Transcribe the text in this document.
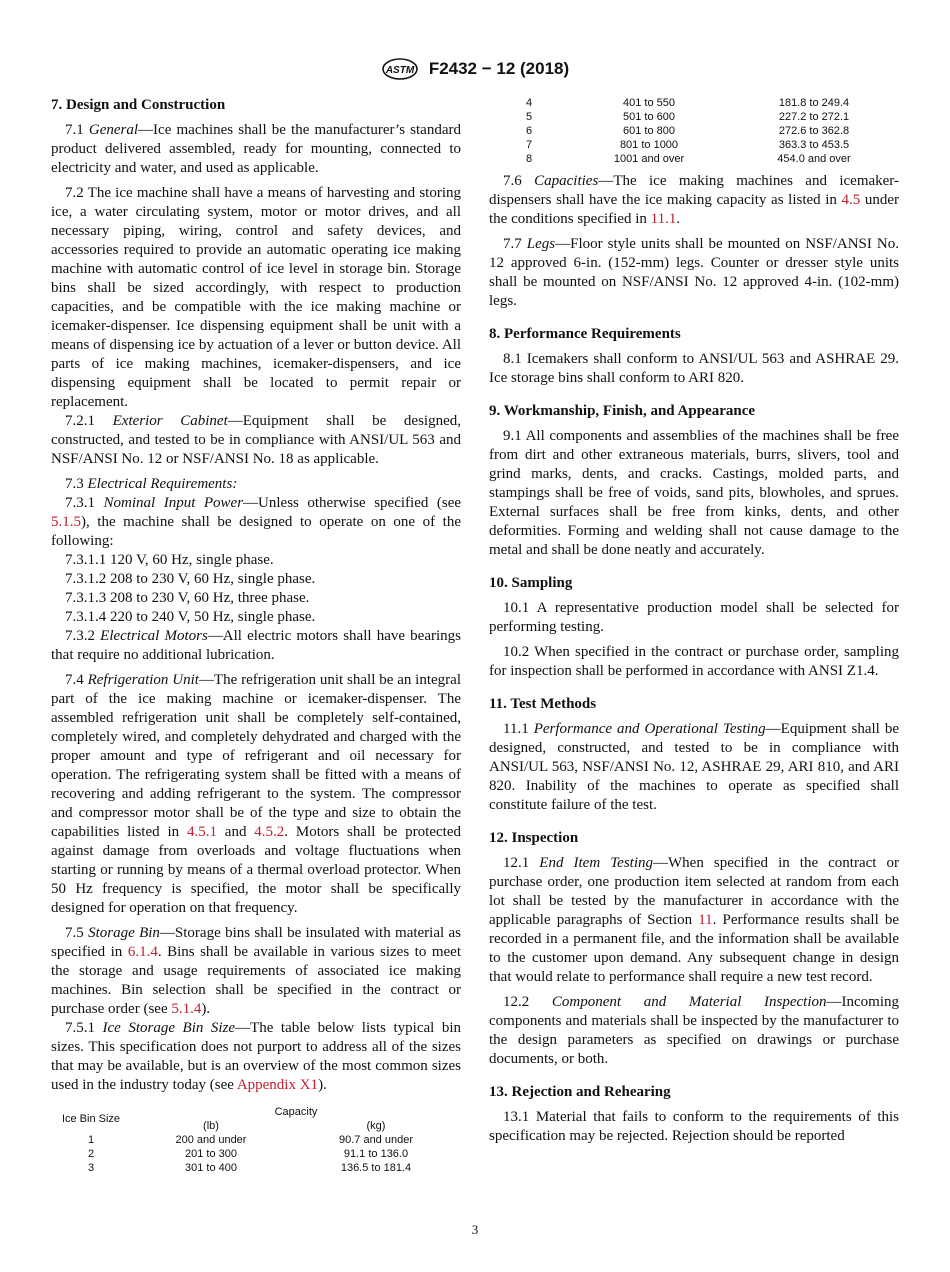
ASTM F2432 − 12 (2018)
7. Design and Construction

7.1 General—Ice machines shall be the manufacturer’s standard product delivered assembled, ready for mounting, connected to electricity and water, and used as applicable.

7.2 The ice machine shall have a means of harvesting and storing ice, a water circulating system, motor or motor drives, and all necessary piping, wiring, control and safety devices, and accessories required to provide an automatic operating ice making machine with automatic control of ice level in storage bin. Storage bins shall be sized accordingly, with respect to production capacities, and be compatible with the ice making machine or icemaker-dispenser. Ice dispensing equipment shall be unit with a means of dispensing ice by actuation of a lever or button device. All parts of ice making machines, icemaker-dispensers, and ice dispensing equipment shall be located to permit repair or replacement.

7.2.1 Exterior Cabinet—Equipment shall be designed, constructed, and tested to be in compliance with ANSI/UL 563 and NSF/ANSI No. 12 or NSF/ANSI No. 18 as applicable.

7.3 Electrical Requirements:

7.3.1 Nominal Input Power—Unless otherwise specified (see 5.1.5), the machine shall be designed to operate on one of the following:

7.3.1.1 120 V, 60 Hz, single phase.

7.3.1.2 208 to 230 V, 60 Hz, single phase.

7.3.1.3 208 to 230 V, 60 Hz, three phase.

7.3.1.4 220 to 240 V, 50 Hz, single phase.

7.3.2 Electrical Motors—All electric motors shall have bearings that require no additional lubrication.

7.4 Refrigeration Unit—The refrigeration unit shall be an integral part of the ice making machine or icemaker-dispenser. The assembled refrigeration unit shall be completely self-contained, completely wired, and completely dehydrated and charged with the proper amount and type of refrigerant and oil necessary for operation. The refrigerating system shall be fitted with a means of recovering and adding refrigerant to the system. The compressor and compressor motor shall be of the type and size to obtain the capabilities listed in 4.5.1 and 4.5.2. Motors shall be protected against damage from overloads and voltage fluctuations when starting or running by means of a thermal overload protector. When 50 Hz frequency is specified, the motor shall be specifically designed for operation on that frequency.

7.5 Storage Bin—Storage bins shall be insulated with material as specified in 6.1.4. Bins shall be available in various sizes to meet the storage and usage requirements of associated ice making machines. Bin selection shall be specified in the contract or purchase order (see 5.1.4).

7.5.1 Ice Storage Bin Size—The table below lists typical bin sizes. This specification does not purport to address all of the sizes that may be available, but is an overview of the most common sizes used in the industry today (see Appendix X1).

Ice Bin Size	Capacity	
	(lb)	(kg)
1	200 and under	90.7 and under
2	201 to 300	91.1 to 136.0
3	301 to 400	136.5 to 181.4
4	401 to 550	181.8 to 249.4
5	501 to 600	227.2 to 272.1
6	601 to 800	272.6 to 362.8
7	801 to 1000	363.3 to 453.5
8	1001 and over	454.0 and over

7.6 Capacities—The ice making machines and icemaker-dispensers shall have the ice making capacity as listed in 4.5 under the conditions specified in 11.1.

7.7 Legs—Floor style units shall be mounted on NSF/ANSI No. 12 approved 6-in. (152-mm) legs. Counter or dresser style units shall be mounted on NSF/ANSI No. 12 approved 4-in. (102-mm) legs.

8. Performance Requirements

8.1 Icemakers shall conform to ANSI/UL 563 and ASHRAE 29. Ice storage bins shall conform to ARI 820.

9. Workmanship, Finish, and Appearance

9.1 All components and assemblies of the machines shall be free from dirt and other extraneous materials, burrs, slivers, tool and grind marks, dents, and cracks. Castings, molded parts, and stampings shall be free of voids, sand pits, blowholes, and sprues. External surfaces shall be free from kinks, dents, and other deformities. Forming and welding shall not cause damage to the metal and shall be done neatly and accurately.

10. Sampling

10.1 A representative production model shall be selected for performing testing.

10.2 When specified in the contract or purchase order, sampling for inspection shall be performed in accordance with ANSI Z1.4.

11. Test Methods

11.1 Performance and Operational Testing—Equipment shall be designed, constructed, and tested to be in compliance with ANSI/UL 563, NSF/ANSI No. 12, ASHRAE 29, ARI 810, and ARI 820. Inability of the machines to operate as specified shall constitute failure of the test.

12. Inspection

12.1 End Item Testing—When specified in the contract or purchase order, one production item selected at random from each lot shall be tested by the manufacturer in accordance with the applicable paragraphs of Section 11. Performance results shall be recorded in a permanent file, and the information shall be available to the customer upon demand. Any subsequent change in design that would relate to performance shall require a new test record.

12.2 Component and Material Inspection—Incoming components and materials shall be inspected by the manufacturer to the design parameters as specified on drawings or purchase documents, or both.

13. Rejection and Rehearing

13.1 Material that fails to conform to the requirements of this specification may be rejected. Rejection should be reported

3
